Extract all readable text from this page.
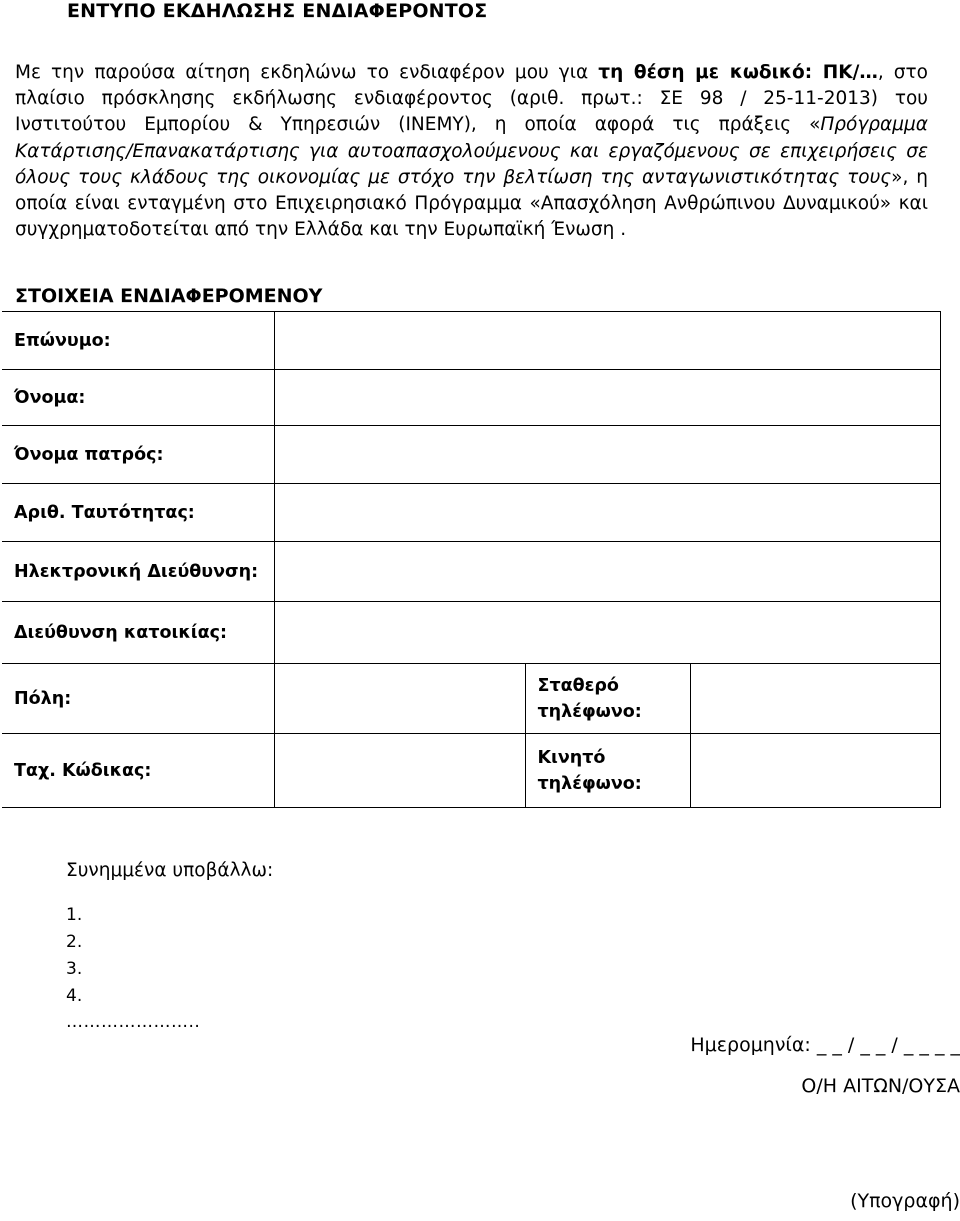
ΕΝΤΥΠΟ ΕΚΔΗΛΩΣΗΣ ΕΝΔΙΑΦΕΡΟΝΤΟΣ
Με την παρούσα αίτηση εκδηλώνω το ενδιαφέρον μου για τη θέση με κωδικό: ΠΚ/…, στο πλαίσιο πρόσκλησης εκδήλωσης ενδιαφέροντος (αριθ. πρωτ.: ΣΕ 98 / 25-11-2013) του Ινστιτούτου Εμπορίου & Υπηρεσιών (ΙΝΕΜΥ), η οποία αφορά τις πράξεις «Πρόγραμμα Κατάρτισης/Επανακατάρτισης για αυτοαπασχολούμενους και εργαζόμενους σε επιχειρήσεις σε όλους τους κλάδους της οικονομίας με στόχο την βελτίωση της ανταγωνιστικότητας τους», η οποία είναι ενταγμένη στο Επιχειρησιακό Πρόγραμμα «Απασχόληση Ανθρώπινου Δυναμικού» και συγχρηματοδοτείται από την Ελλάδα και την Ευρωπαϊκή Ένωση .
ΣΤΟΙΧΕΙΑ ΕΝΔΙΑΦΕΡΟΜΕΝΟΥ
Επώνυμο:			
Όνομα:			
Όνομα πατρός:			
Αριθ. Ταυτότητας:			
Ηλεκτρονική Διεύθυνση:			
Διεύθυνση κατοικίας:			
Πόλη:		Σταθερό τηλέφωνο:	
Ταχ. Κώδικας:		Κινητό τηλέφωνο:	
Συνημμένα υποβάλλω:
1.
2.
3.
4.
…………………..
Ημερομηνία: _ _ / _ _ / _ _ _ _
Ο/Η ΑΙΤΩΝ/ΟΥΣΑ
(Υπογραφή)
